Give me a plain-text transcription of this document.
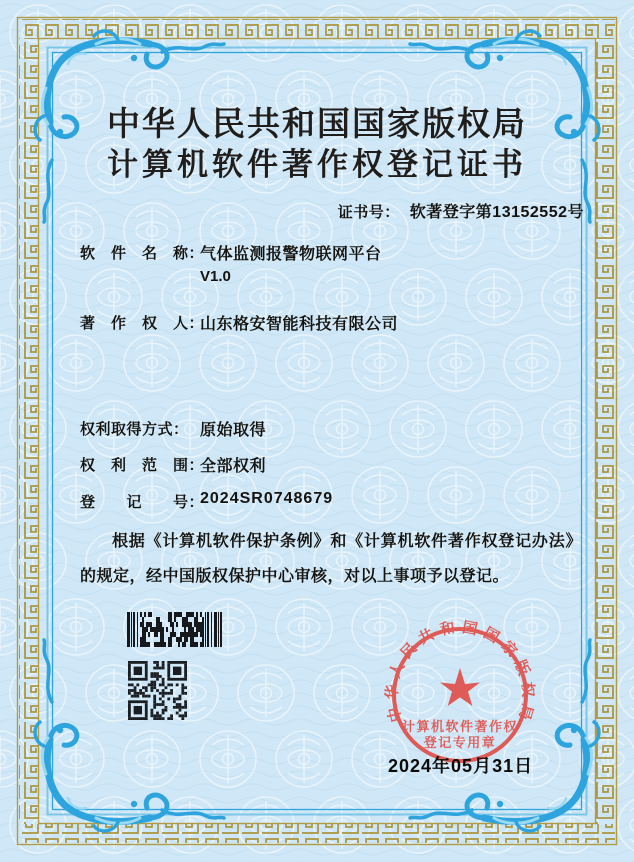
中华人民共和国国家版权局
计算机软件著作权登记证书
证书号： 软著登字第13152552号
软　件　名　称：
气体监测报警物联网平台
V1.0
著　作　权　人：
山东格安智能科技有限公司
权利取得方式： 原始取得
权　利　范　围：
全部权利
登　　记　　号：
2024SR0748679
根据《计算机软件保护条例》和《计算机软件著作权登记办法》的规定，经中国版权保护中心审核，对以上事项予以登记。
中华人民共和国国家版权局
计算机软件著作权
登记专用章
2024年05月31日
